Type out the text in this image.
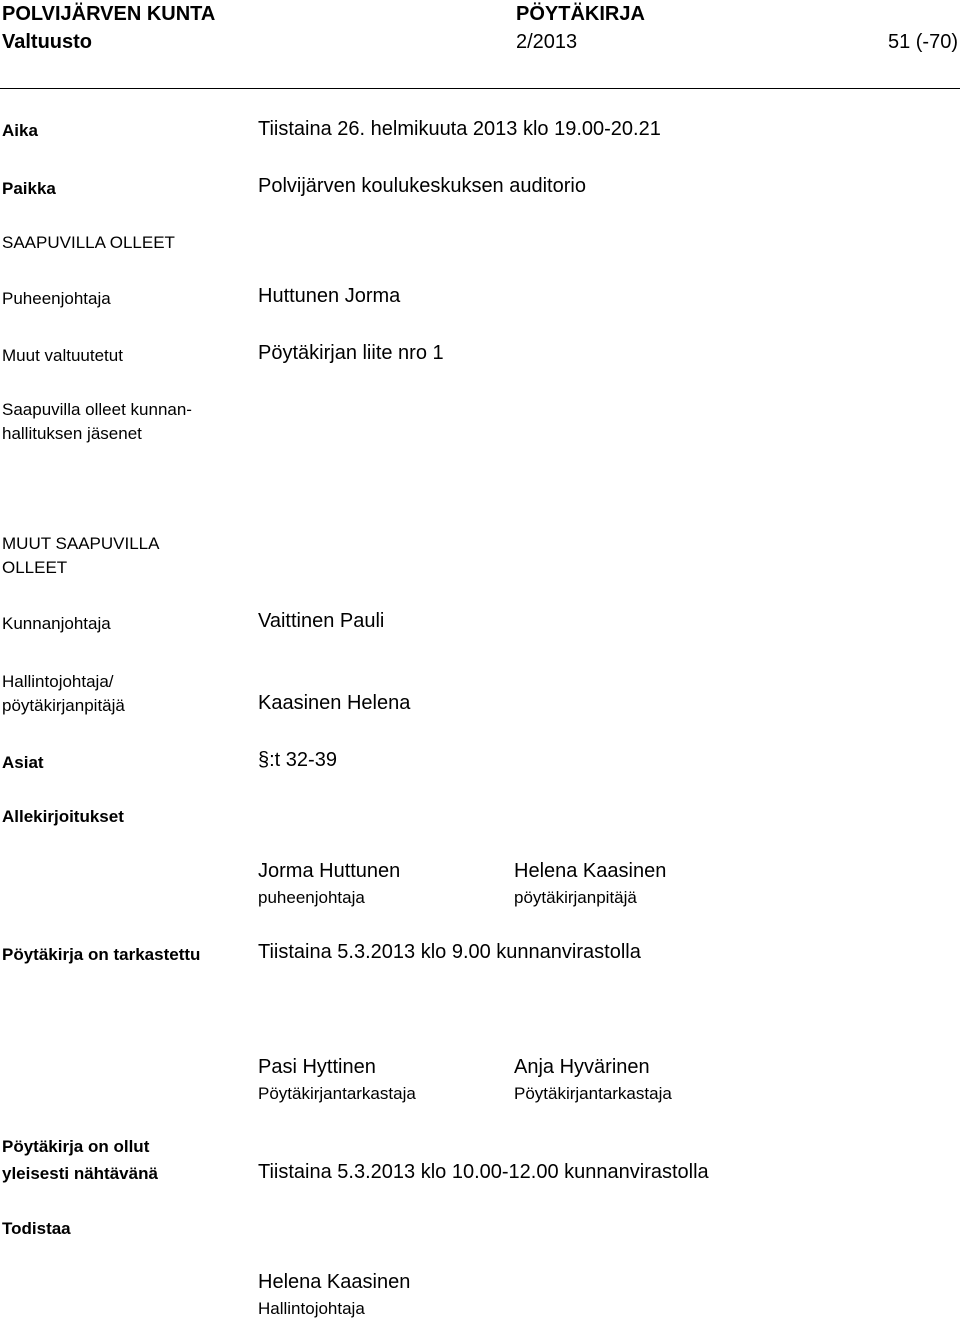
POLVIJÄRVEN KUNTA
Valtuusto
PÖYTÄKIRJA
2/2013	51 (-70)
Aika	Tiistaina 26. helmikuuta 2013 klo 19.00-20.21
Paikka	Polvijärven koulukeskuksen auditorio
SAAPUVILLA OLLEET
Puheenjohtaja	Huttunen Jorma
Muut valtuutetut	Pöytäkirjan liite nro 1
Saapuvilla olleet kunnan-
hallituksen jäsenet
MUUT SAAPUVILLA
OLLEET
Kunnanjohtaja	Vaittinen Pauli
Hallintojohtaja/
pöytäkirjanpitäjä	Kaasinen Helena
Asiat	§:t 32-39
Allekirjoitukset
Jorma Huttunen
puheenjohtaja
Helena Kaasinen
pöytäkirjanpitäjä
Pöytäkirja on tarkastettu	Tiistaina 5.3.2013 klo 9.00 kunnanvirastolla
Pasi Hyttinen
Pöytäkirjantarkastaja
Anja Hyvärinen
Pöytäkirjantarkastaja
Pöytäkirja on ollut
yleisesti nähtävänä	Tiistaina 5.3.2013 klo 10.00-12.00 kunnanvirastolla
Todistaa
Helena Kaasinen
Hallintojohtaja
